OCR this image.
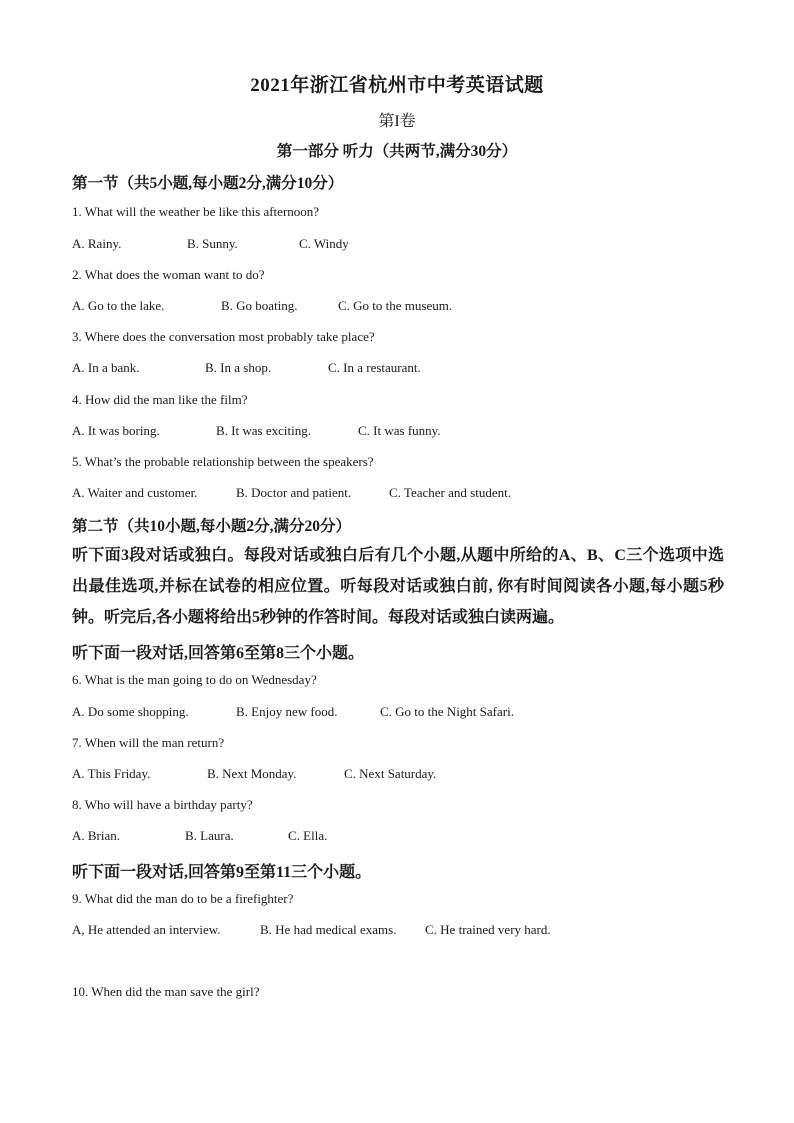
2021年浙江省杭州市中考英语试题
第I卷
第一部分 听力（共两节,满分30分）
第一节（共5小题,每小题2分,满分10分）
1. What will the weather be like this afternoon?
A. Rainy.	B. Sunny.	C. Windy
2. What does the woman want to do?
A. Go to the lake.	B. Go boating.	C. Go to the museum.
3. Where does the conversation most probably take place?
A. In a bank.	B. In a shop.	C. In a restaurant.
4. How did the man like the film?
A. It was boring.	B. It was exciting.	C. It was funny.
5. What’s the probable relationship between the speakers?
A. Waiter and customer.	B. Doctor and patient.	C. Teacher and student.
第二节（共10小题,每小题2分,满分20分）
听下面3段对话或独白。每段对话或独白后有几个小题,从题中所给的A、B、C三个选项中选出最佳选项,并标在试卷的相应位置。听每段对话或独白前, 你有时间阅读各小题,每小题5秒钟。听完后,各小题将给出5秒钟的作答时间。每段对话或独白读两遍。
听下面一段对话,回答第6至第8三个小题。
6. What is the man going to do on Wednesday?
A. Do some shopping.	B. Enjoy new food.	C. Go to the Night Safari.
7. When will the man return?
A. This Friday.	B. Next Monday.	C. Next Saturday.
8. Who will have a birthday party?
A. Brian.	B. Laura.	C. Ella.
听下面一段对话,回答第9至第11三个小题。
9. What did the man do to be a firefighter?
A, He attended an interview.	B. He had medical exams. C. He trained very hard.
10. When did the man save the girl?
